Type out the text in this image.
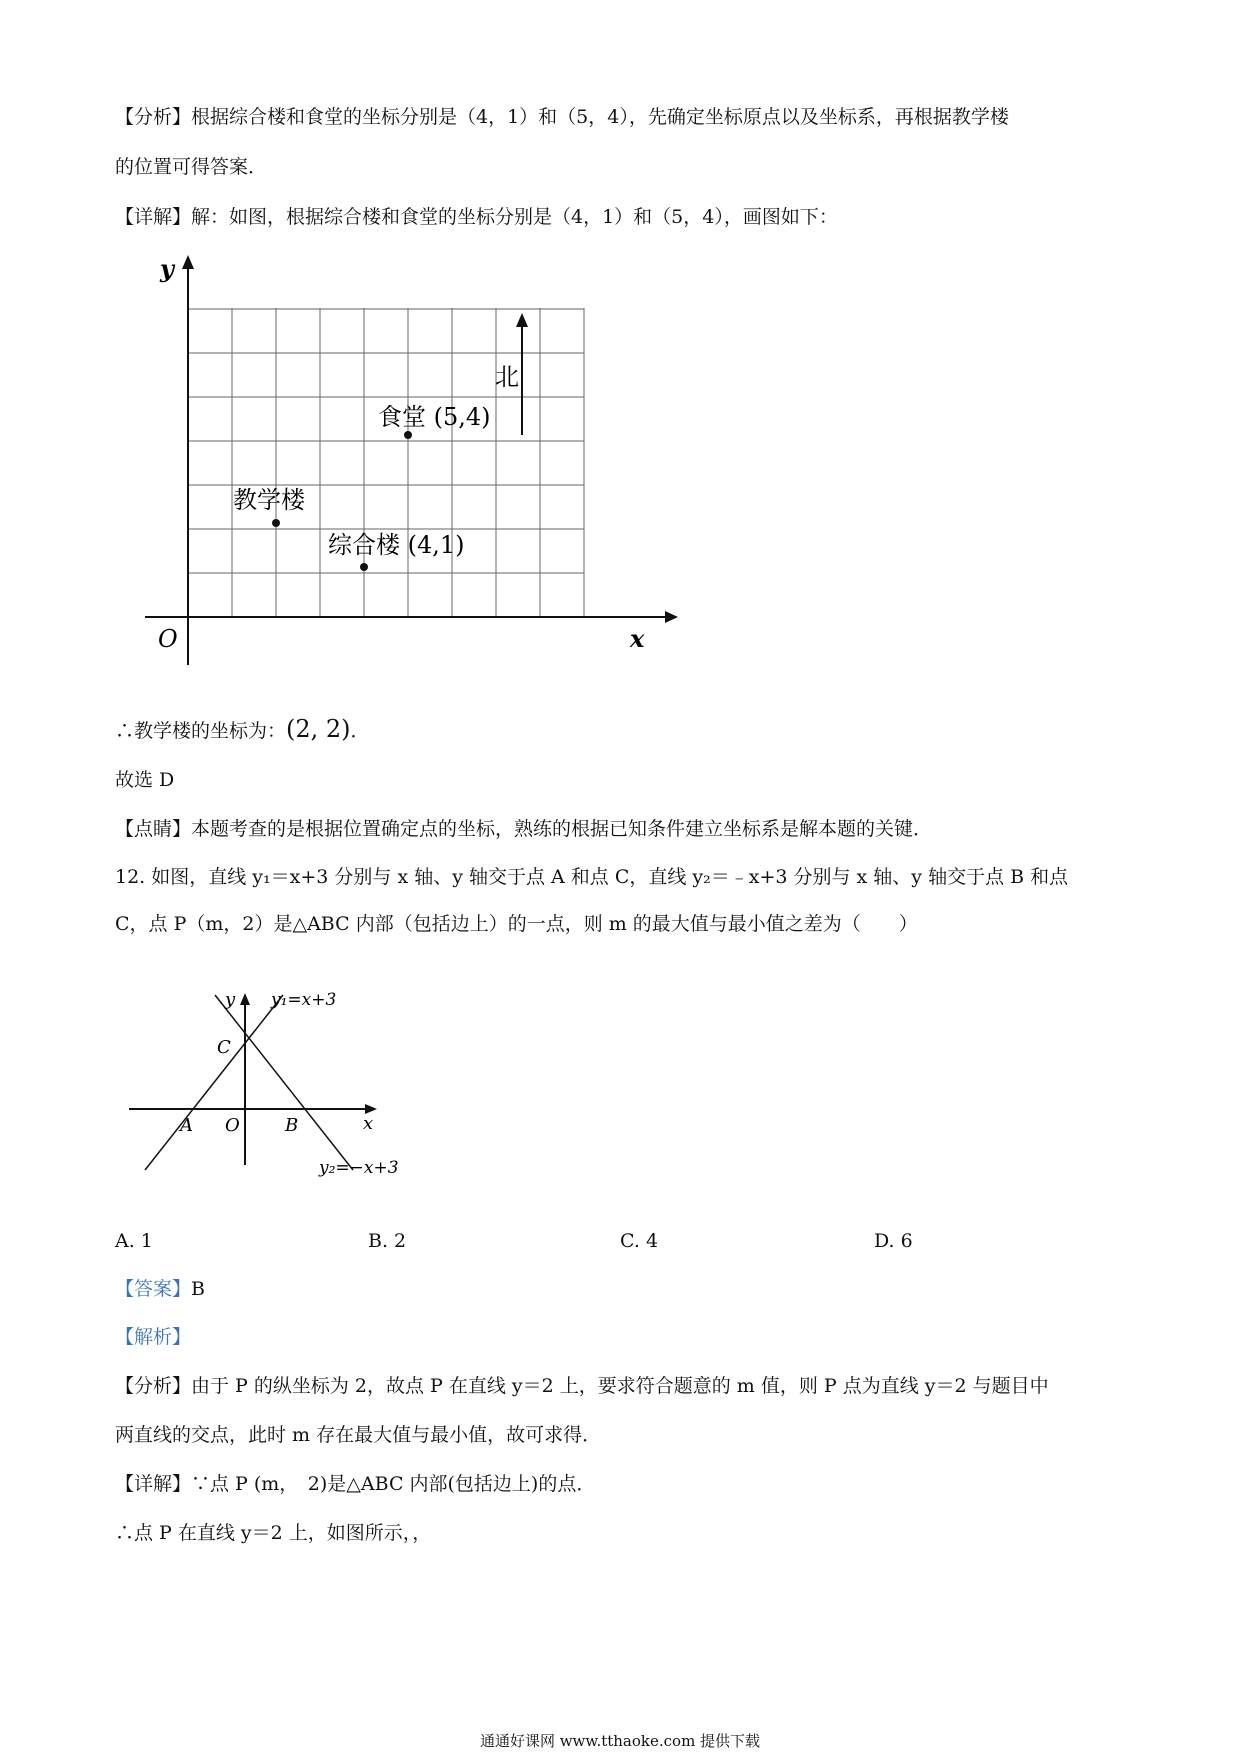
【分析】根据综合楼和食堂的坐标分别是（4，1）和（5，4），先确定坐标原点以及坐标系，再根据教学楼
的位置可得答案．
【详解】解：如图，根据综合楼和食堂的坐标分别是（4，1）和（5，4），画图如下：
北
食堂 (5,4)
教学楼
综合楼 (4,1)
y
x
O
∴教学楼的坐标为：(2, 2)．
故选 D
【点睛】本题考查的是根据位置确定点的坐标，熟练的根据已知条件建立坐标系是解本题的关键．
12. 如图，直线 y₁＝x+3 分别与 x 轴、y 轴交于点 A 和点 C，直线 y₂＝﹣x+3 分别与 x 轴、y 轴交于点 B 和点
C，点 P（m，2）是△ABC 内部（包括边上）的一点，则 m 的最大值与最小值之差为（　　）
y
x
O
A	B
C
y₁=x+3
y₂=−x+3
A. 1	B. 2	C. 4	D. 6
【答案】B
【解析】
【分析】由于 P 的纵坐标为 2，故点 P 在直线 y＝2 上，要求符合题意的 m 值，则 P 点为直线 y＝2 与题目中
两直线的交点，此时 m 存在最大值与最小值，故可求得．
【详解】∵点 P (m，　2)是△ABC 内部(包括边上)的点．
∴点 P 在直线 y＝2 上，如图所示，，
通通好课网 www.tthaoke.com 提供下载
